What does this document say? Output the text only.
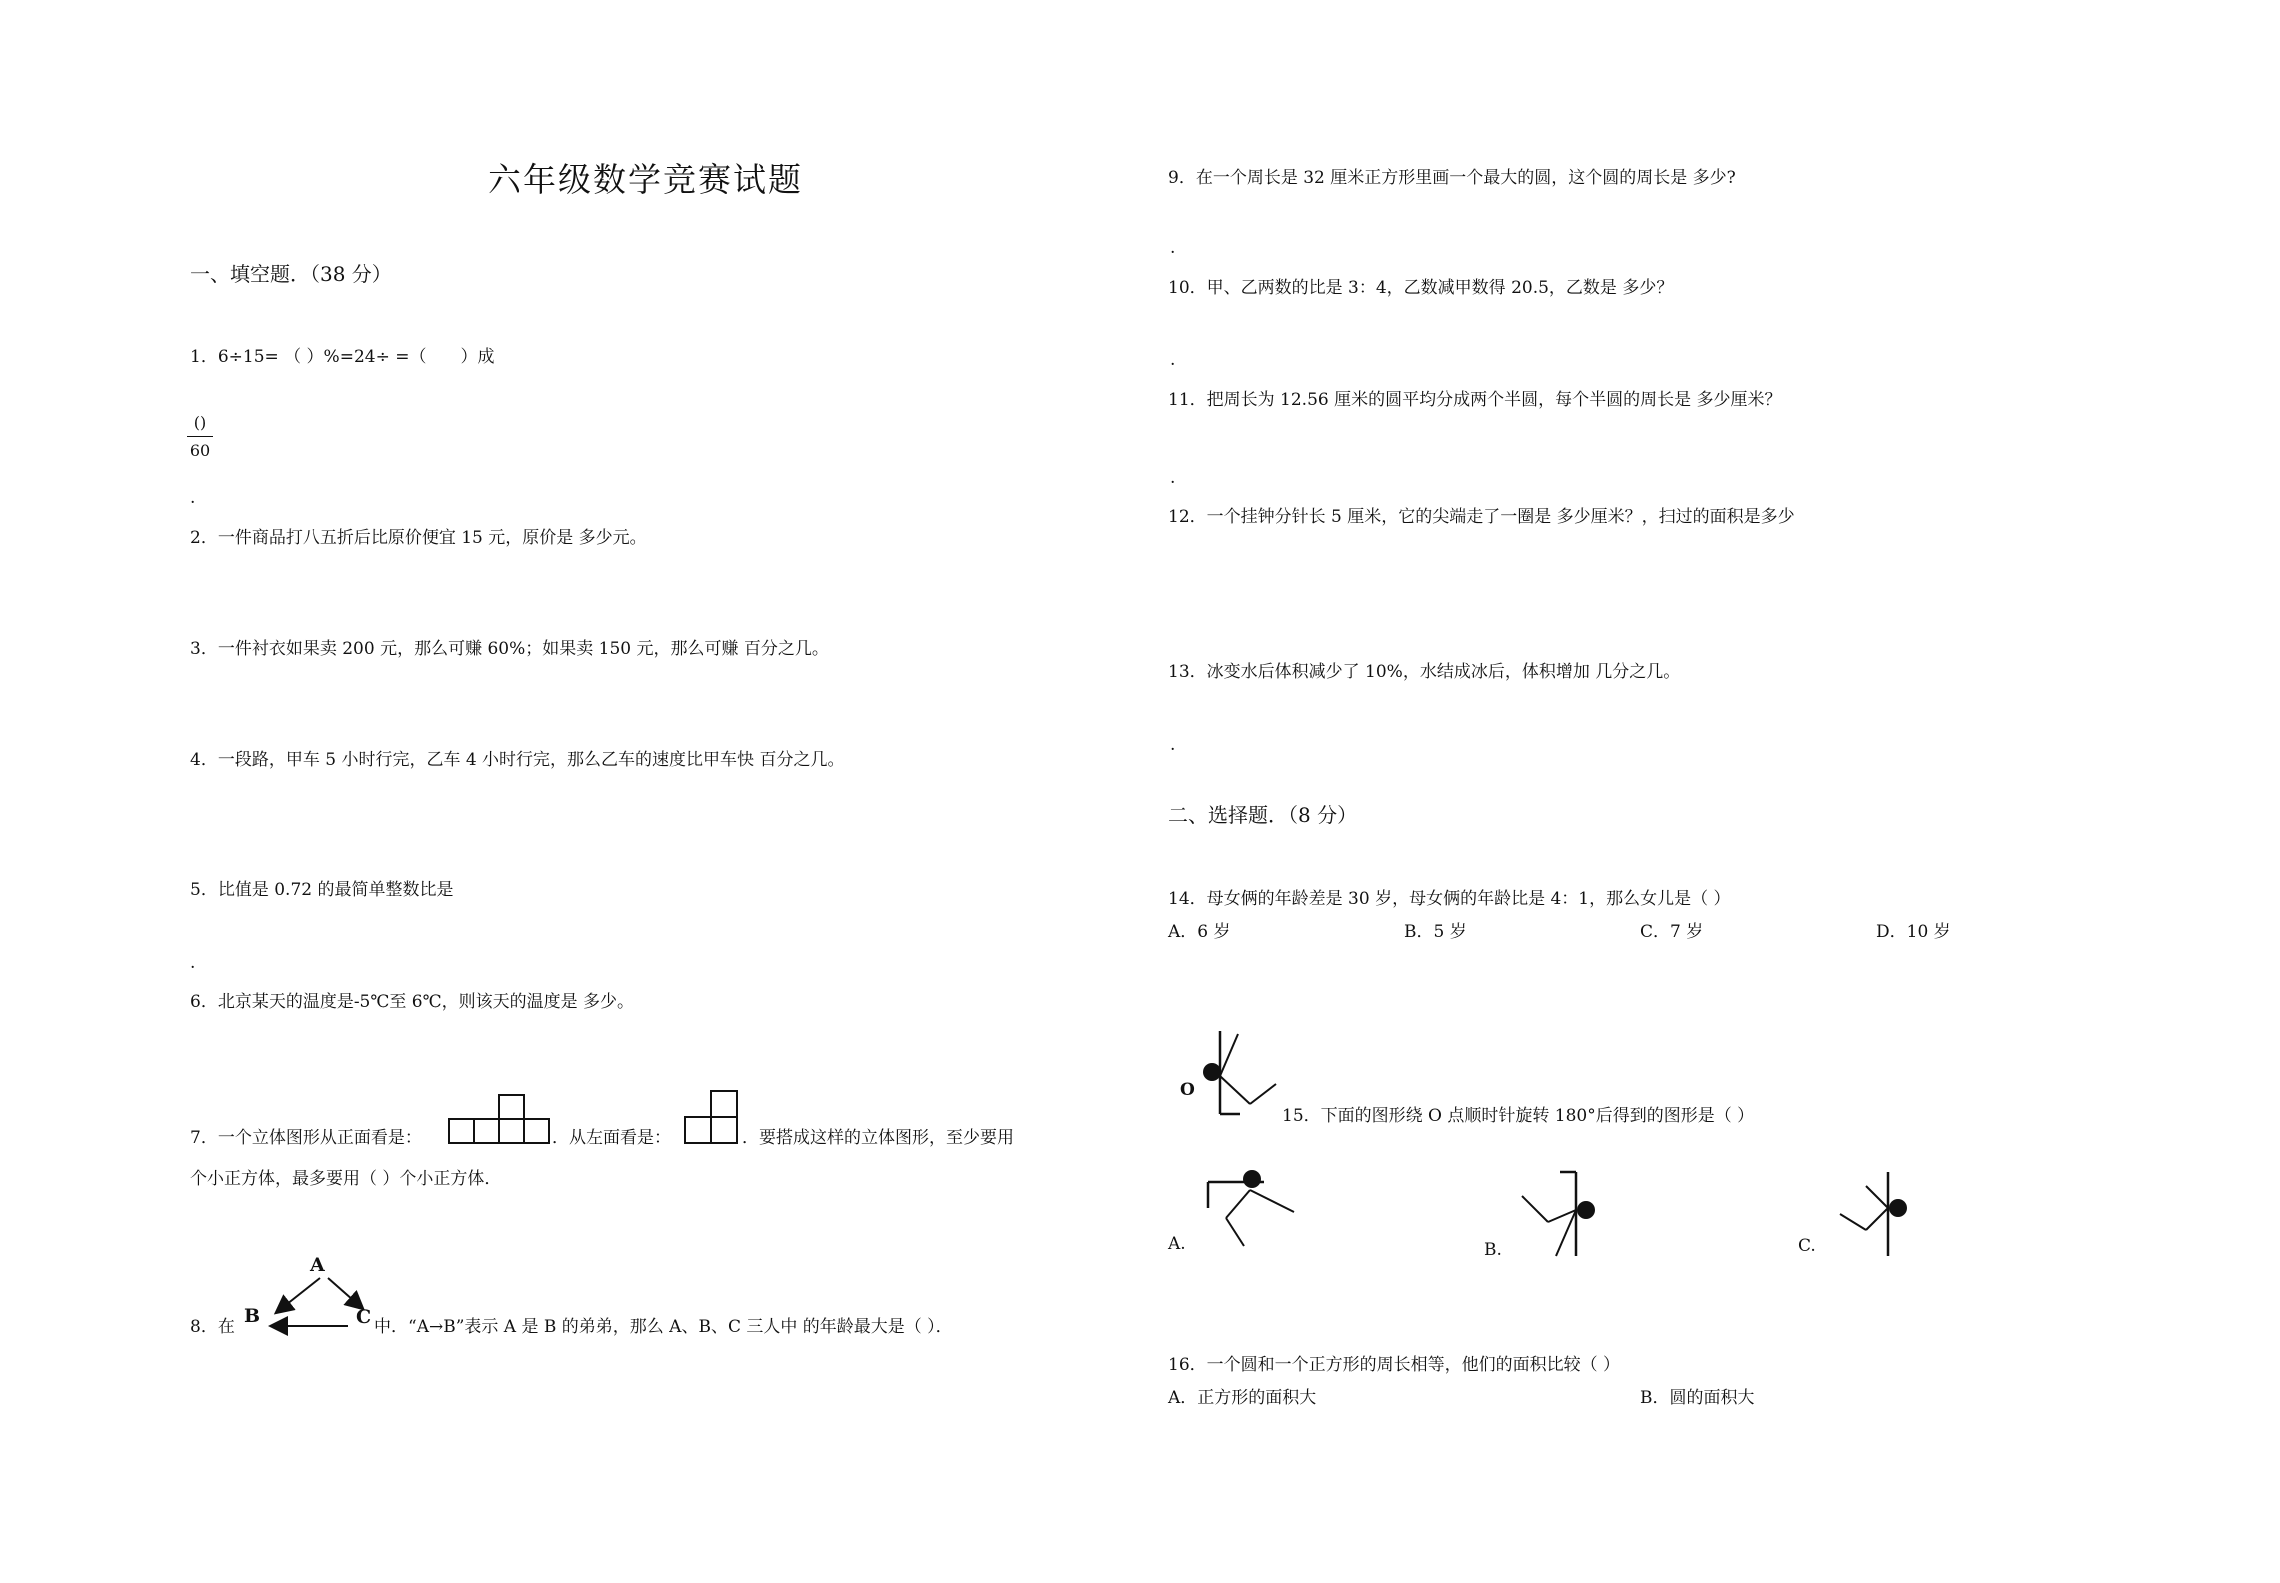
六年级数学竞赛试题
一、填空题．（38 分）
1．6÷15= （ ）%=24÷ =（　　）成
()
60
.
2．一件商品打八五折后比原价便宜 15 元，原价是 多少元。
3．一件衬衣如果卖 200 元，那么可赚 60%；如果卖 150 元，那么可赚 百分之几。
4．一段路，甲车 5 小时行完，乙车 4 小时行完，那么乙车的速度比甲车快 百分之几。
5．比值是 0.72 的最简单整数比是
.
6．北京某天的温度是-5℃至 6℃，则该天的温度是 多少。
7．一个立体图形从正面看是：	．从左面看是：	．要搭成这样的立体图形，至少要用
个小正方体，最多要用（ ）个小正方体．
8．在
A
B	C 中．“A→B”表示 A 是 B 的弟弟，那么 A、B、C 三人中 的年龄最大是（ ）．
9．在一个周长是 32 厘米正方形里画一个最大的圆，这个圆的周长是 多少?
.
10．甲、乙两数的比是 3：4，乙数减甲数得 20.5，乙数是 多少？
.
11．把周长为 12.56 厘米的圆平均分成两个半圆，每个半圆的周长是 多少厘米？
.
12．一个挂钟分针长 5 厘米，它的尖端走了一圈是 多少厘米？，扫过的面积是多少
13．冰变水后体积减少了 10%，水结成冰后，体积增加 几分之几。
.
二、选择题．（8 分）
14．母女俩的年龄差是 30 岁，母女俩的年龄比是 4：1，那么女儿是（ ）
A．6 岁	B．5 岁	C．7 岁	D．10 岁
O
15．下面的图形绕 O 点顺时针旋转 180°后得到的图形是（ ）
A.	B.	C.
16．一个圆和一个正方形的周长相等，他们的面积比较（ ）
A．正方形的面积大	B．圆的面积大
